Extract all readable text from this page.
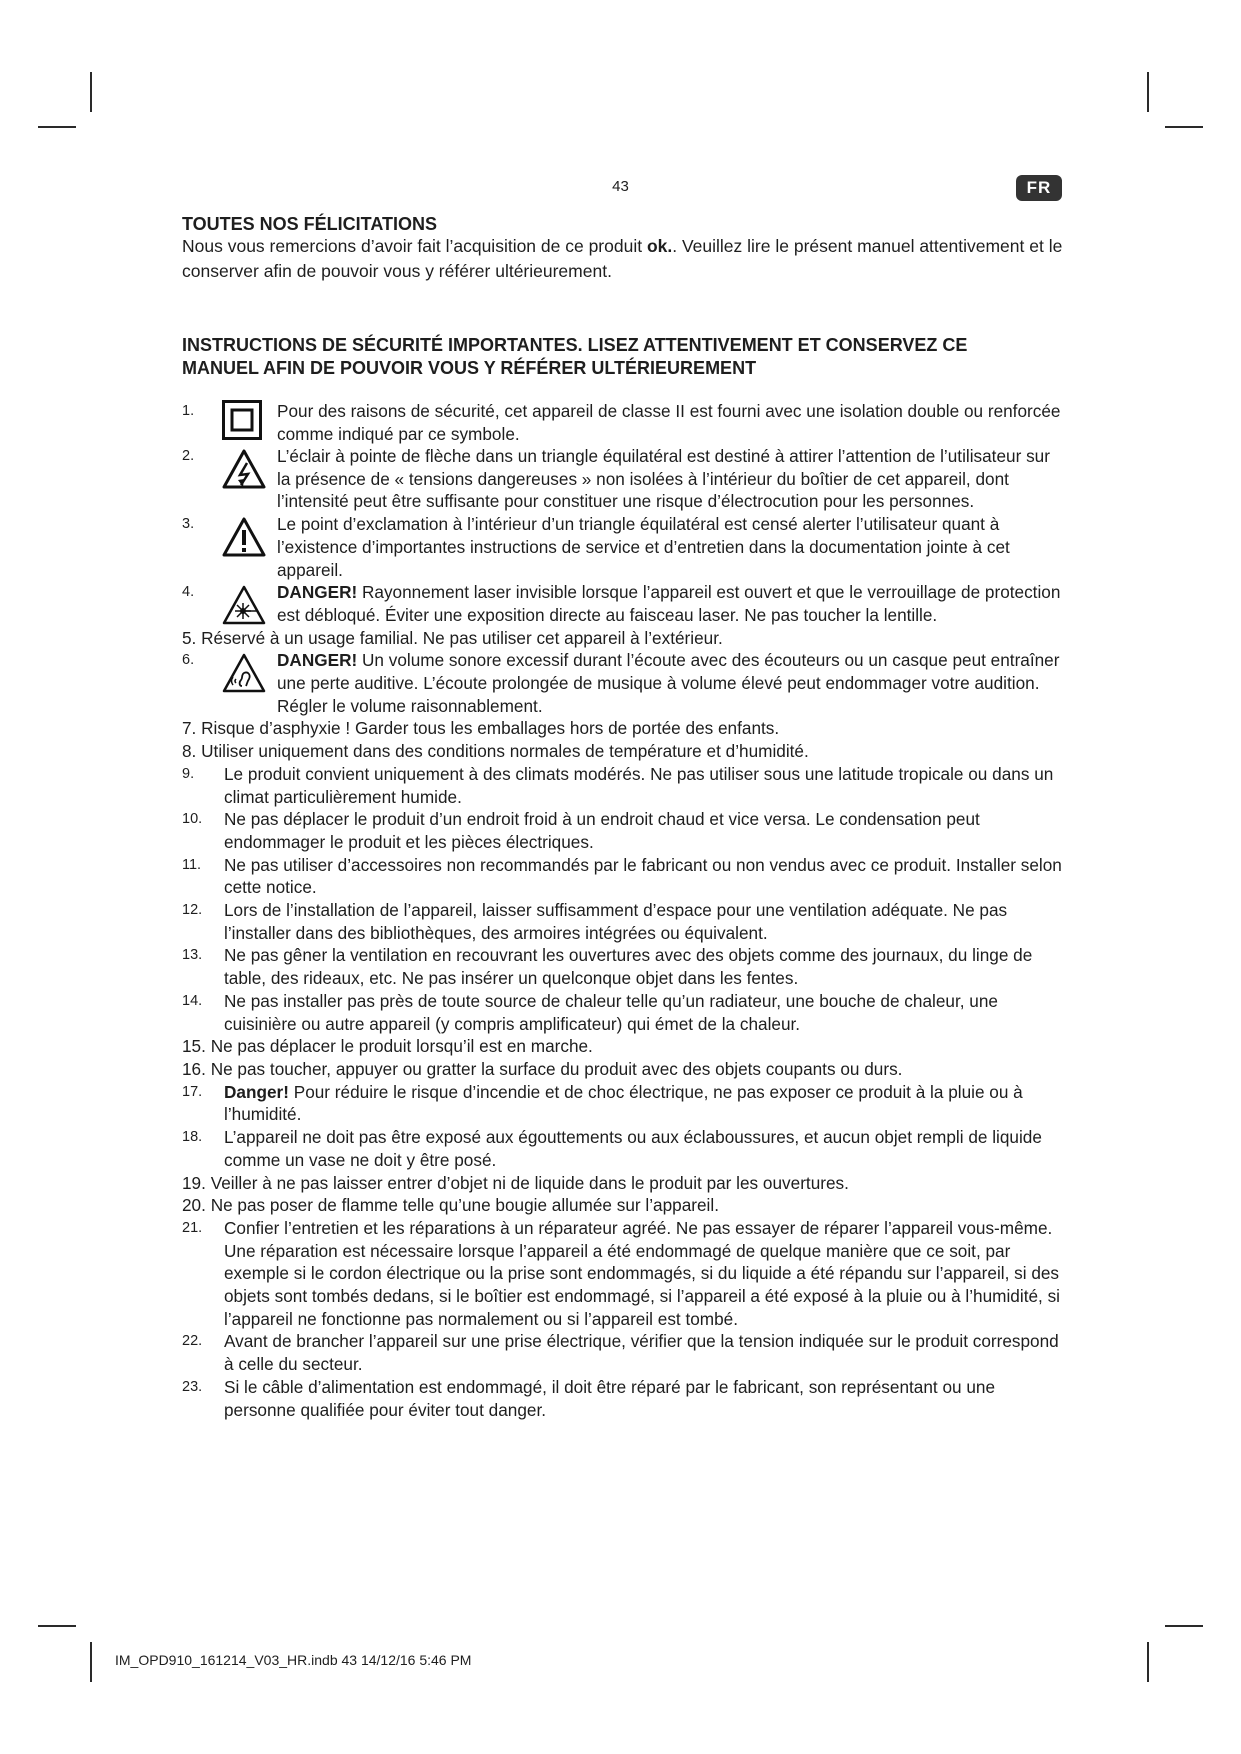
43	FR
TOUTES NOS FÉLICITATIONS
Nous vous remercions d’avoir fait l’acquisition de ce produit ok.. Veuillez lire le présent manuel attentivement et le conserver afin de pouvoir vous y référer ultérieurement.
INSTRUCTIONS DE SÉCURITÉ IMPORTANTES. LISEZ ATTENTIVEMENT ET CONSERVEZ CE
MANUEL AFIN DE POUVOIR VOUS Y RÉFÉRER ULTÉRIEUREMENT
1.	Pour des raisons de sécurité, cet appareil de classe II est fourni avec une isolation double ou renforcée comme indiqué par ce symbole.
2.	L’éclair à pointe de flèche dans un triangle équilatéral est destiné à attirer l’attention de l’utilisateur sur la présence de « tensions dangereuses » non isolées à l’intérieur du boîtier de cet appareil, dont l’intensité peut être suffisante pour constituer une risque d’électrocution pour les personnes.
3.	Le point d’exclamation à l’intérieur d’un triangle équilatéral est censé alerter l’utilisateur quant à l’existence d’importantes instructions de service et d’entretien dans la documentation jointe à cet appareil.
4.	DANGER! Rayonnement laser invisible lorsque l’appareil est ouvert et que le verrouillage de protection est débloqué. Éviter une exposition directe au faisceau laser. Ne pas toucher la lentille.
5. Réservé à un usage familial. Ne pas utiliser cet appareil à l’extérieur.
6.	DANGER! Un volume sonore excessif durant l’écoute avec des écouteurs ou un casque peut entraîner une perte auditive. L’écoute prolongée de musique à volume élevé peut endommager votre audition. Régler le volume raisonnablement.
7. Risque d’asphyxie ! Garder tous les emballages hors de portée des enfants.
8. Utiliser uniquement dans des conditions normales de température et d’humidité.
9.	Le produit convient uniquement à des climats modérés. Ne pas utiliser sous une latitude tropicale ou dans un climat particulièrement humide.
10.	Ne pas déplacer le produit d’un endroit froid à un endroit chaud et vice versa. Le condensation peut endommager le produit et les pièces électriques.
11.	Ne pas utiliser d’accessoires non recommandés par le fabricant ou non vendus avec ce produit. Installer selon cette notice.
12.	Lors de l’installation de l’appareil, laisser suffisamment d’espace pour une ventilation adéquate. Ne pas l’installer dans des bibliothèques, des armoires intégrées ou équivalent.
13.	Ne pas gêner la ventilation en recouvrant les ouvertures avec des objets comme des journaux, du linge de table, des rideaux, etc. Ne pas insérer un quelconque objet dans les fentes.
14.	Ne pas installer pas près de toute source de chaleur telle qu’un radiateur, une bouche de chaleur, une cuisinière ou autre appareil (y compris amplificateur) qui émet de la chaleur.
15. Ne pas déplacer le produit lorsqu’il est en marche.
16. Ne pas toucher, appuyer ou gratter la surface du produit avec des objets coupants ou durs.
17.	Danger! Pour réduire le risque d’incendie et de choc électrique, ne pas exposer ce produit à la pluie ou à l’humidité.
18.	L’appareil ne doit pas être exposé aux égouttements ou aux éclaboussures, et aucun objet rempli de liquide comme un vase ne doit y être posé.
19. Veiller à ne pas laisser entrer d’objet ni de liquide dans le produit par les ouvertures.
20. Ne pas poser de flamme telle qu’une bougie allumée sur l’appareil.
21.	Confier l’entretien et les réparations à un réparateur agréé. Ne pas essayer de réparer l’appareil vous-même. Une réparation est nécessaire lorsque l’appareil a été endommagé de quelque manière que ce soit, par exemple si le cordon électrique ou la prise sont endommagés, si du liquide a été répandu sur l’appareil, si des objets sont tombés dedans, si le boîtier est endommagé, si l’appareil a été exposé à la pluie ou à l’humidité, si l’appareil ne fonctionne pas normalement ou si l’appareil est tombé.
22.	Avant de brancher l’appareil sur une prise électrique, vérifier que la tension indiquée sur le produit correspond à celle du secteur.
23.	Si le câble d’alimentation est endommagé, il doit être réparé par le fabricant, son représentant ou une personne qualifiée pour éviter tout danger.
IM_OPD910_161214_V03_HR.indb 43 14/12/16 5:46 PM
